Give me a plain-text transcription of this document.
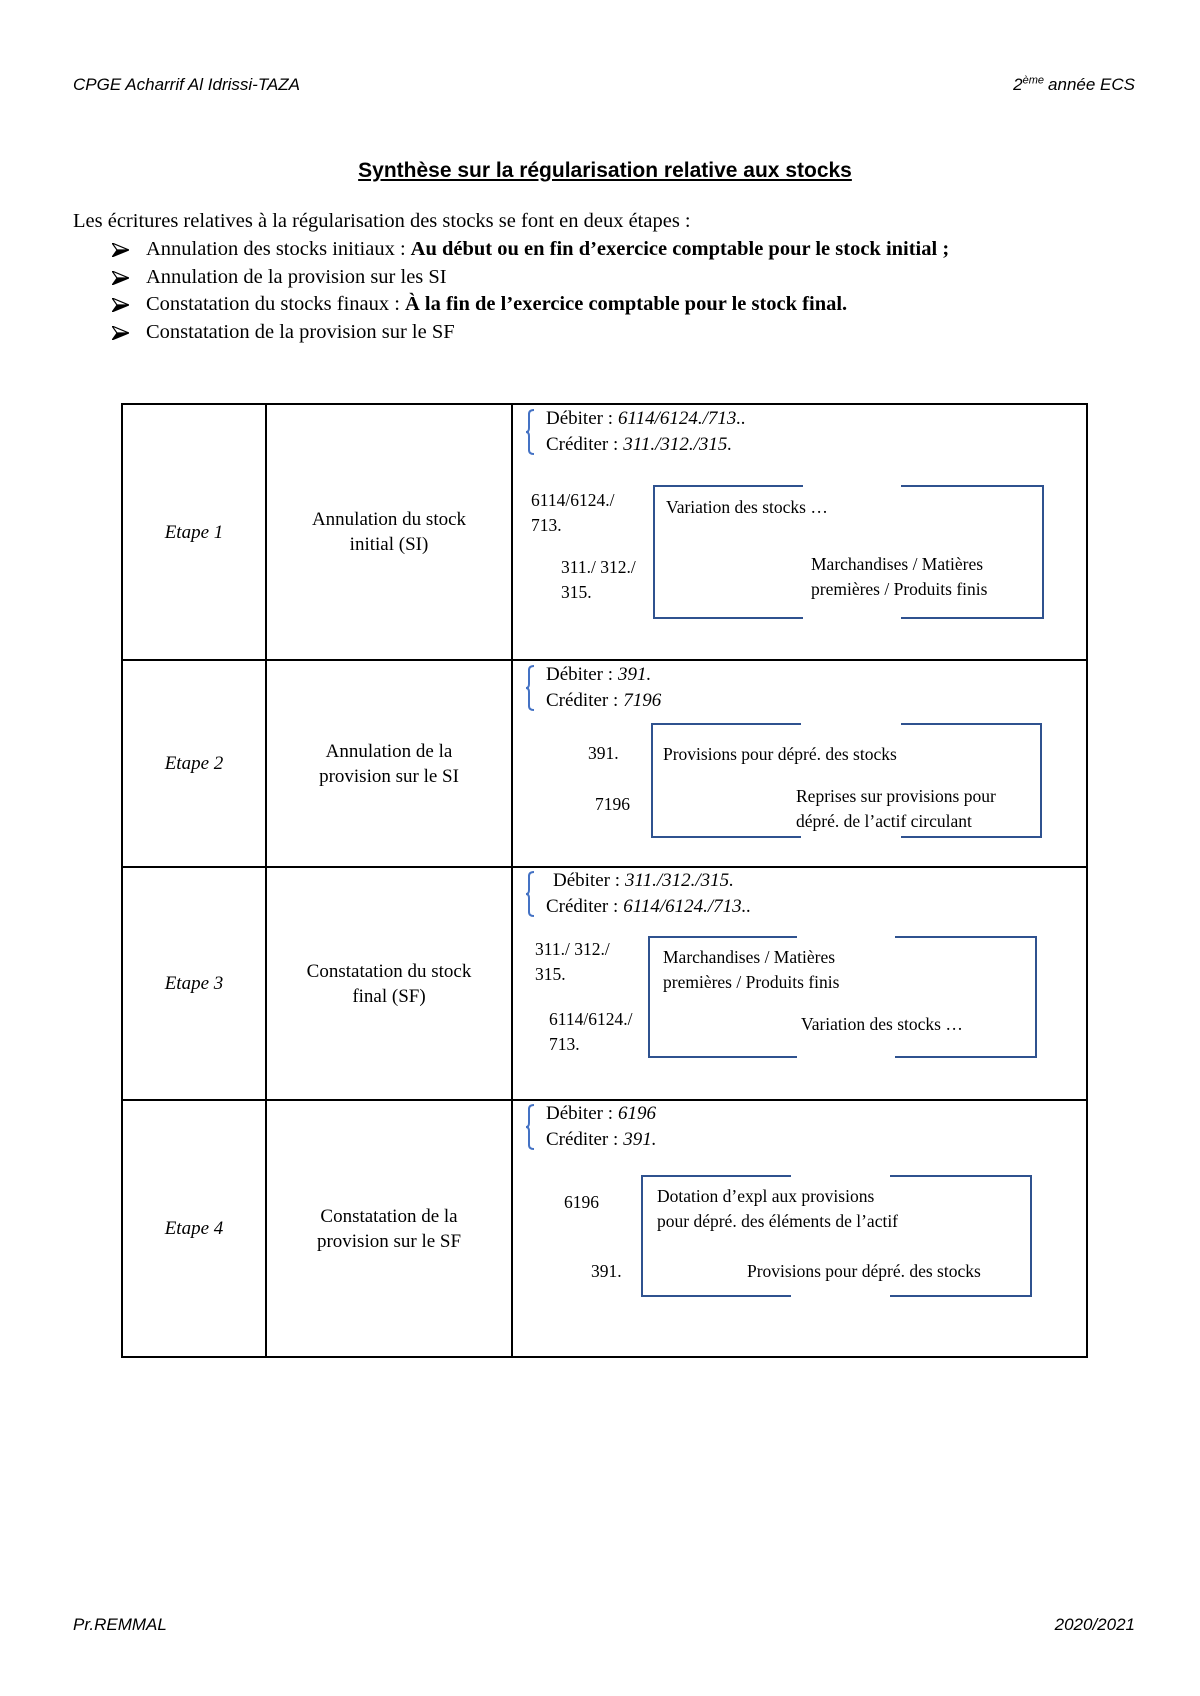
CPGE Acharrif Al Idrissi-TAZA	2ème année ECS
Synthèse sur la régularisation relative aux stocks
Les écritures relatives à la régularisation des stocks se font en deux étapes :
Annulation des stocks initiaux : Au début ou en fin d’exercice comptable pour le stock initial ;
Annulation de la provision sur les SI
Constatation du stocks finaux : À la fin de l’exercice comptable pour le stock final.
Constatation de la provision sur le SF
Etape 1
Annulation du stock
initial (SI)
Débiter : 6114/6124./713..
Créditer : 311./312./315.
6114/6124./
713.
311./ 312./
315.
Variation des stocks …
Marchandises / Matières
premières / Produits finis
Etape 2
Annulation de la
provision sur le SI
Débiter : 391.
Créditer : 7196
391.
7196
Provisions pour dépré. des stocks
Reprises sur provisions pour
dépré. de l’actif circulant
Etape 3
Constatation du stock
final (SF)
Débiter : 311./312./315.
Créditer : 6114/6124./713..
311./ 312./
315.
6114/6124./
713.
Marchandises / Matières
premières / Produits finis
Variation des stocks …
Etape 4
Constatation de la
provision sur le SF
Débiter : 6196
Créditer : 391.
6196
391.
Dotation d’expl aux provisions
pour dépré. des éléments de l’actif
Provisions pour dépré. des stocks
Pr.REMMAL	2020/2021
